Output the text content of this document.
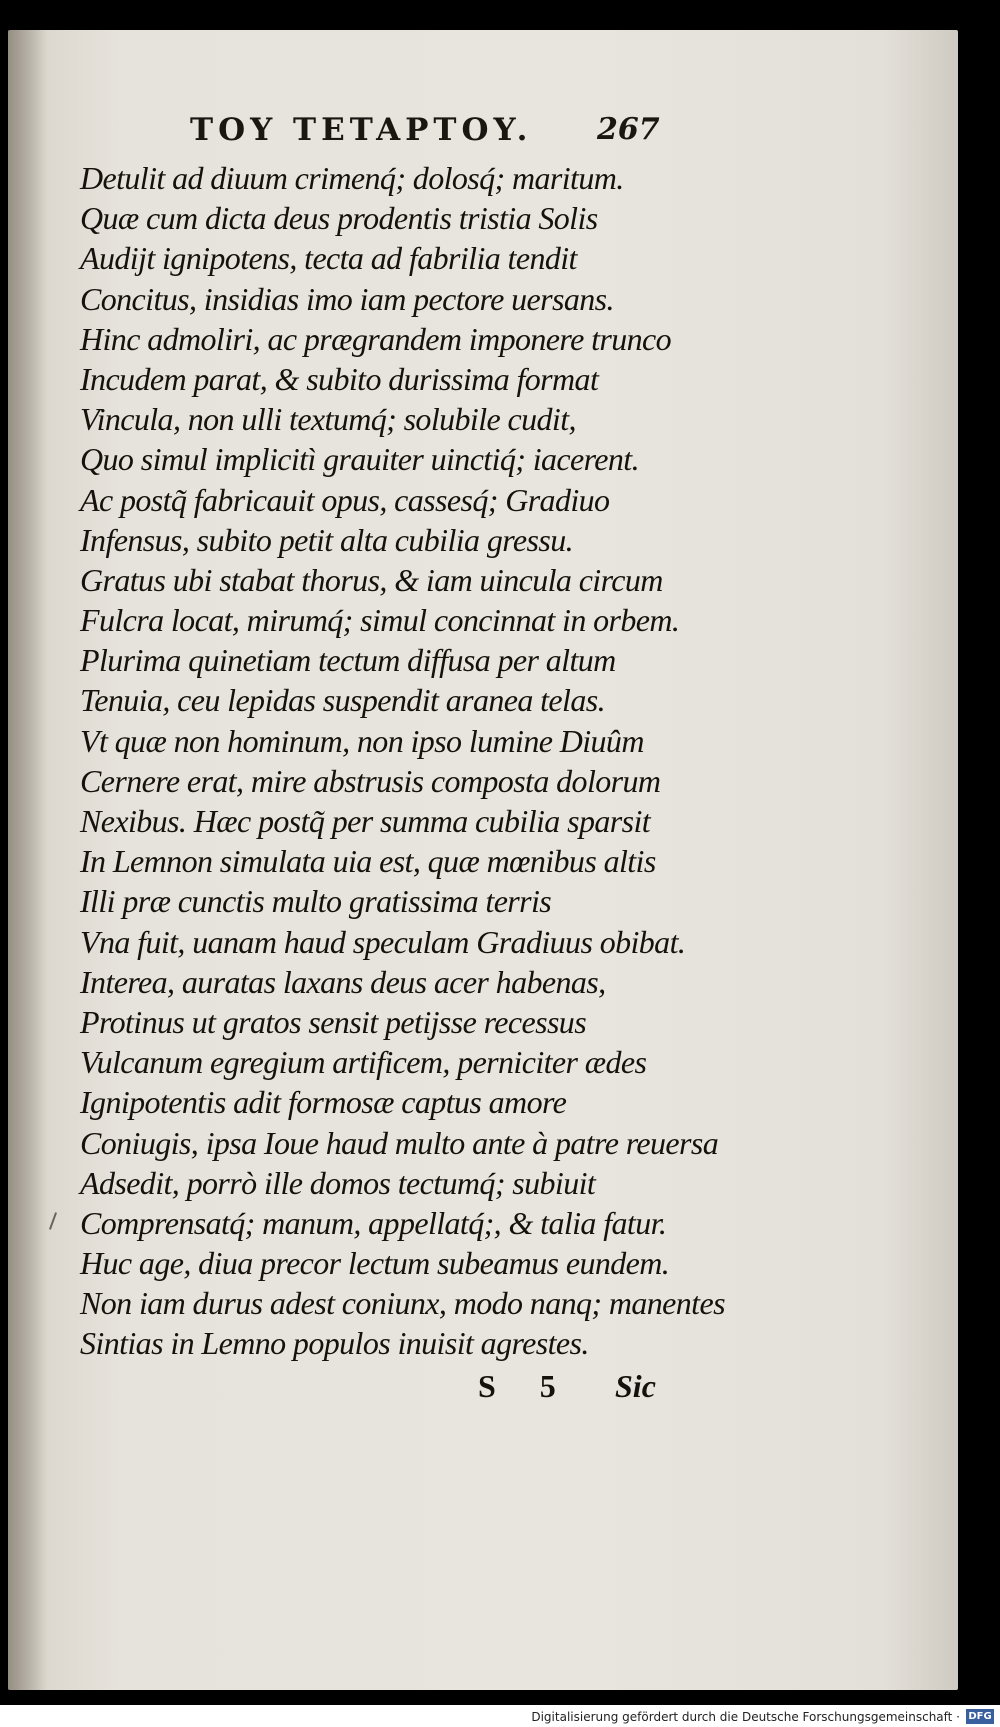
TOY TETAPTOY. 267
Detulit ad diuum crimenq́; dolosq́; maritum.
Quæ cum dicta deus prodentis tristia Solis
Audijt ignipotens, tecta ad fabrilia tendit
Concitus, insidias imo iam pectore uersans.
Hinc admoliri, ac prægrandem imponere trunco
Incudem parat, & subito durissima format
Vincula, non ulli textumq́; solubile cudit,
Quo simul implicitì grauiter uinctiq́; iacerent.
Ac postq̃ fabricauit opus, cassesq́; Gradiuo
Infensus, subito petit alta cubilia gressu.
Gratus ubi stabat thorus, & iam uincula circum
Fulcra locat, mirumq́; simul concinnat in orbem.
Plurima quinetiam tectum diffusa per altum
Tenuia, ceu lepidas suspendit aranea telas.
Vt quæ non hominum, non ipso lumine Diuûm
Cernere erat, mire abstrusis composta dolorum
Nexibus. Hæc postq̃ per summa cubilia sparsit
In Lemnon simulata uia est, quæ mœnibus altis
Illi præ cunctis multo gratissima terris
Vna fuit, uanam haud speculam Gradiuus obibat.
Interea, auratas laxans deus acer habenas,
Protinus ut gratos sensit petijsse recessus
Vulcanum egregium artificem, perniciter ædes
Ignipotentis adit formosæ captus amore
Coniugis, ipsa Ioue haud multo ante à patre reuersa
Adsedit, porrò ille domos tectumq́; subiuit
Comprensatq́; manum, appellatq́;, & talia fatur.
Huc age, diua precor lectum subeamus eundem.
Non iam durus adest coniunx, modo nanq; manentes
Sintias in Lemno populos inuisit agrestes.
S 5 Sic
Digitalisierung gefördert durch die Deutsche Forschungsgemeinschaft · DFG
